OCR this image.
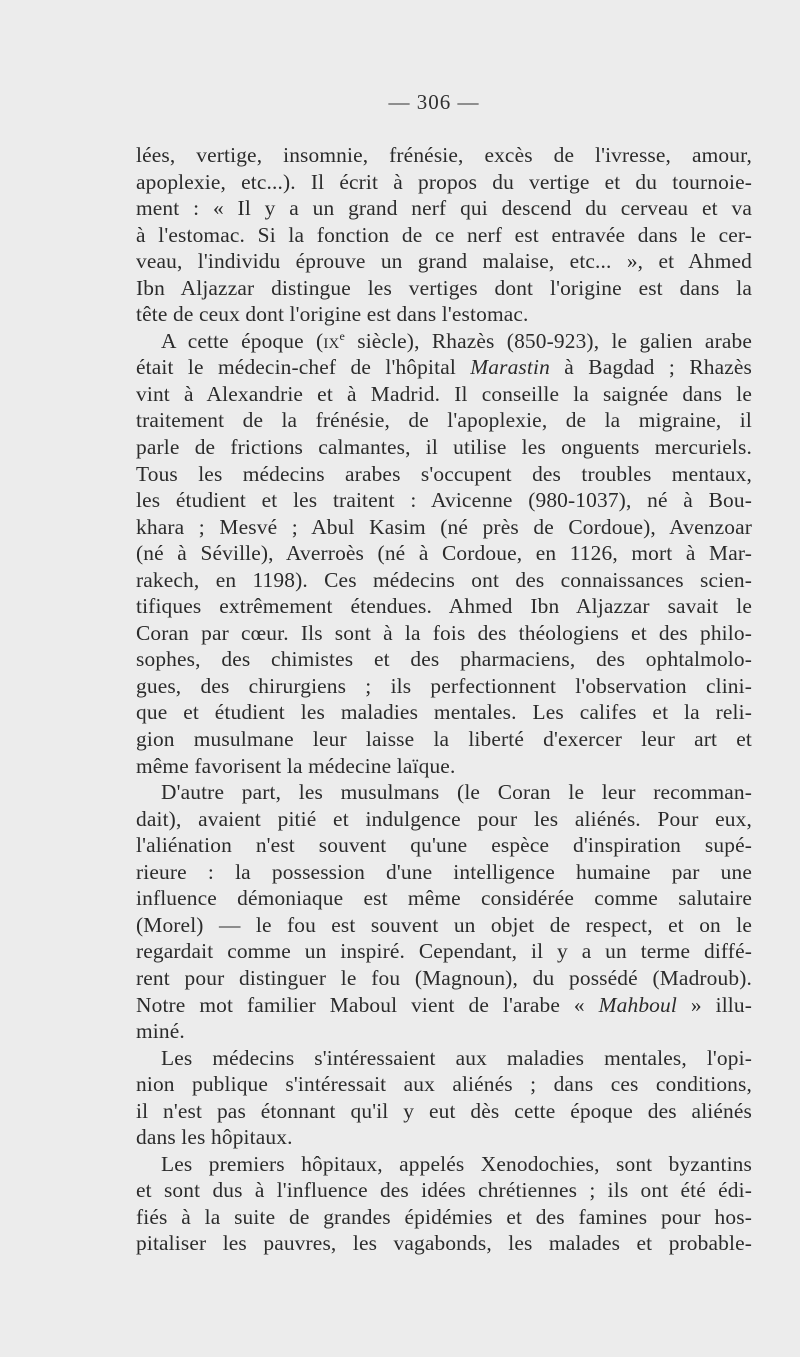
— 306 —
lées, vertige, insomnie, frénésie, excès de l'ivresse, amour,
apoplexie, etc...). Il écrit à propos du vertige et du tournoie-
ment : « Il y a un grand nerf qui descend du cerveau et va
à l'estomac. Si la fonction de ce nerf est entravée dans le cer-
veau, l'individu éprouve un grand malaise, etc... », et Ahmed
Ibn Aljazzar distingue les vertiges dont l'origine est dans la
tête de ceux dont l'origine est dans l'estomac.
A cette époque ($ix^e$ siècle), Rhazès (850-923), le galien arabe
était le médecin-chef de l'hôpital Marastin à Bagdad ; Rhazès
vint à Alexandrie et à Madrid. Il conseille la saignée dans le
traitement de la frénésie, de l'apoplexie, de la migraine, il
parle de frictions calmantes, il utilise les onguents mercuriels.
Tous les médecins arabes s'occupent des troubles mentaux,
les étudient et les traitent : Avicenne (980-1037), né à Bou-
khara ; Mesvé ; Abul Kasim (né près de Cordoue), Avenzoar
(né à Séville), Averroès (né à Cordoue, en 1126, mort à Mar-
rakech, en 1198). Ces médecins ont des connaissances scien-
tifiques extrêmement étendues. Ahmed Ibn Aljazzar savait le
Coran par cœur. Ils sont à la fois des théologiens et des philo-
sophes, des chimistes et des pharmaciens, des ophtalmolo-
gues, des chirurgiens ; ils perfectionnent l'observation clini-
que et étudient les maladies mentales. Les califes et la reli-
gion musulmane leur laisse la liberté d'exercer leur art et
même favorisent la médecine laïque.
D'autre part, les musulmans (le Coran le leur recomman-
dait), avaient pitié et indulgence pour les aliénés. Pour eux,
l'aliénation n'est souvent qu'une espèce d'inspiration supé-
rieure : la possession d'une intelligence humaine par une
influence démoniaque est même considérée comme salutaire
(Morel) — le fou est souvent un objet de respect, et on le
regardait comme un inspiré. Cependant, il y a un terme diffé-
rent pour distinguer le fou (Magnoun), du possédé (Madroub).
Notre mot familier Maboul vient de l'arabe « Mahboul » illu-
miné.
Les médecins s'intéressaient aux maladies mentales, l'opi-
nion publique s'intéressait aux aliénés ; dans ces conditions,
il n'est pas étonnant qu'il y eut dès cette époque des aliénés
dans les hôpitaux.
Les premiers hôpitaux, appelés Xenodochies, sont byzantins
et sont dus à l'influence des idées chrétiennes ; ils ont été édi-
fiés à la suite de grandes épidémies et des famines pour hos-
pitaliser les pauvres, les vagabonds, les malades et probable-
